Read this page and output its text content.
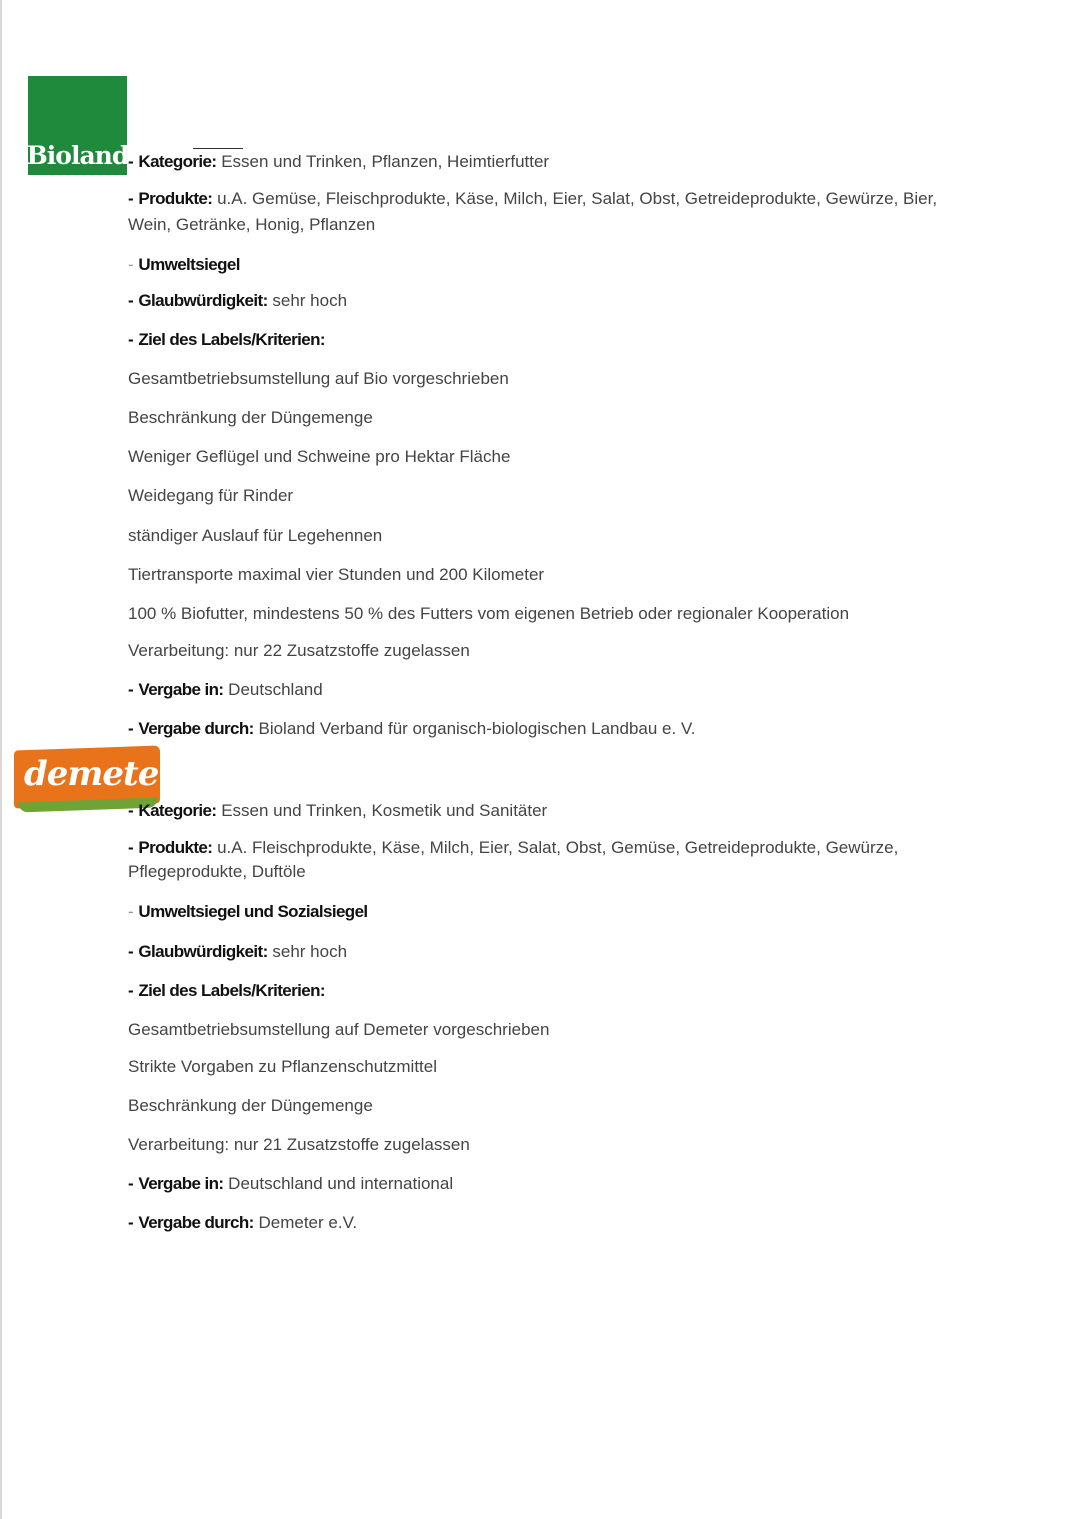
Bioland - Kategorie: Essen und Trinken, Pflanzen, Heimtierfutter
- Produkte: u.A. Gemüse, Fleischprodukte, Käse, Milch, Eier, Salat, Obst, Getreideprodukte, Gewürze, Bier, Wein, Getränke, Honig, Pflanzen
- Umweltsiegel
- Glaubwürdigkeit: sehr hoch
- Ziel des Labels/Kriterien:
Gesamtbetriebsumstellung auf Bio vorgeschrieben
Beschränkung der Düngemenge
Weniger Geflügel und Schweine pro Hektar Fläche
Weidegang für Rinder
ständiger Auslauf für Legehennen
Tiertransporte maximal vier Stunden und 200 Kilometer
100 % Biofutter, mindestens 50 % des Futters vom eigenen Betrieb oder regionaler Kooperation
Verarbeitung: nur 22 Zusatzstoffe zugelassen
- Vergabe in: Deutschland
- Vergabe durch: Bioland Verband für organisch-biologischen Landbau e. V.
demeter
- Kategorie: Essen und Trinken, Kosmetik und Sanitäter
- Produkte: u.A. Fleischprodukte, Käse, Milch, Eier, Salat, Obst, Gemüse, Getreideprodukte, Gewürze, Pflegeprodukte, Duftöle
- Umweltsiegel und Sozialsiegel
- Glaubwürdigkeit: sehr hoch
- Ziel des Labels/Kriterien:
Gesamtbetriebsumstellung auf Demeter vorgeschrieben
Strikte Vorgaben zu Pflanzenschutzmittel
Beschränkung der Düngemenge
Verarbeitung: nur 21 Zusatzstoffe zugelassen
- Vergabe in: Deutschland und international
- Vergabe durch: Demeter e.V.
